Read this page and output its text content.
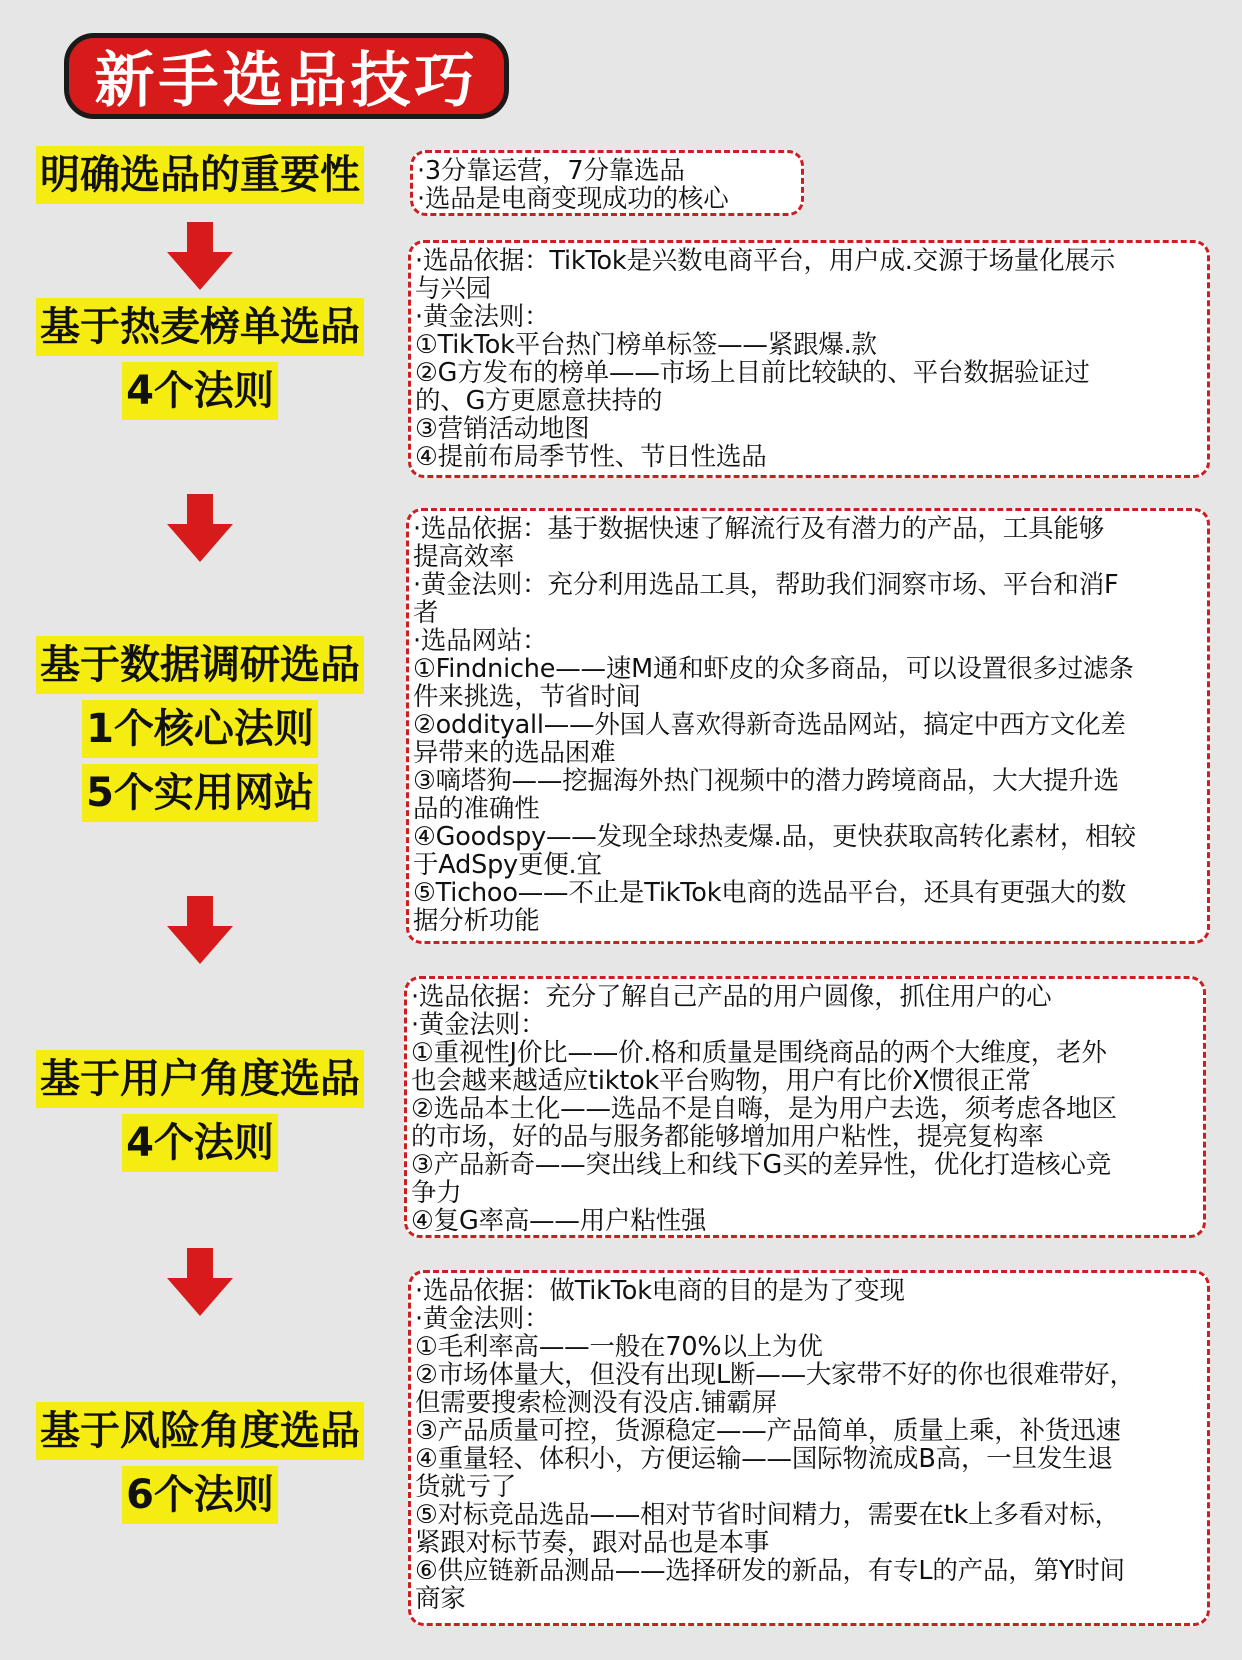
新手选品技巧
明确选品的重要性	·3分靠运营，7分靠选品

·选品是电商变现成功的核心

基于热麦榜单选品
4个法则

·选品依据：TikTok是兴数电商平台，用户成.交源于场量化展示

与兴园

·黄金法则：

①TikTok平台热门榜单标签——紧跟爆.款

②G方发布的榜单——市场上目前比较缺的、平台数据验证过

的、G方更愿意扶持的

③营销活动地图

④提前布局季节性、节日性选品

基于数据调研选品
1个核心法则
5个实用网站

·选品依据：基于数据快速了解流行及有潜力的产品，工具能够

提高效率

·黄金法则：充分利用选品工具，帮助我们洞察市场、平台和消F

者

·选品网站：

①Findniche——速M通和虾皮的众多商品，可以设置很多过滤条

件来挑选，节省时间

②oddityall——外国人喜欢得新奇选品网站，搞定中西方文化差

异带来的选品困难

③嘀塔狗——挖掘海外热门视频中的潜力跨境商品，大大提升选

品的准确性

④Goodspy——发现全球热麦爆.品，更快获取高转化素材，相较

于AdSpy更便.宜

⑤Tichoo——不止是TikTok电商的选品平台，还具有更强大的数

据分析功能

基于用户角度选品
4个法则

·选品依据：充分了解自己产品的用户圆像，抓住用户的心

·黄金法则：

①重视性J价比——价.格和质量是围绕商品的两个大维度，老外

也会越来越适应tiktok平台购物，用户有比价X惯很正常

②选品本土化——选品不是自嗨，是为用户去选，须考虑各地区

的市场，好的品与服务都能够增加用户粘性，提亮复构率

③产品新奇——突出线上和线下G买的差异性，优化打造核心竞

争力

④复G率高——用户粘性强

基于风险角度选品
6个法则

·选品依据：做TikTok电商的目的是为了变现

·黄金法则：

①毛利率高——一般在70%以上为优

②市场体量大，但没有出现L断——大家带不好的你也很难带好，

但需要搜索检测没有没店.铺霸屏

③产品质量可控，货源稳定——产品简单，质量上乘，补货迅速

④重量轻、体积小，方便运输——国际物流成B高，一旦发生退

货就亏了

⑤对标竞品选品——相对节省时间精力，需要在tk上多看对标，

紧跟对标节奏，跟对品也是本事

⑥供应链新品测品——选择研发的新品，有专L的产品，第Y时间

商家
